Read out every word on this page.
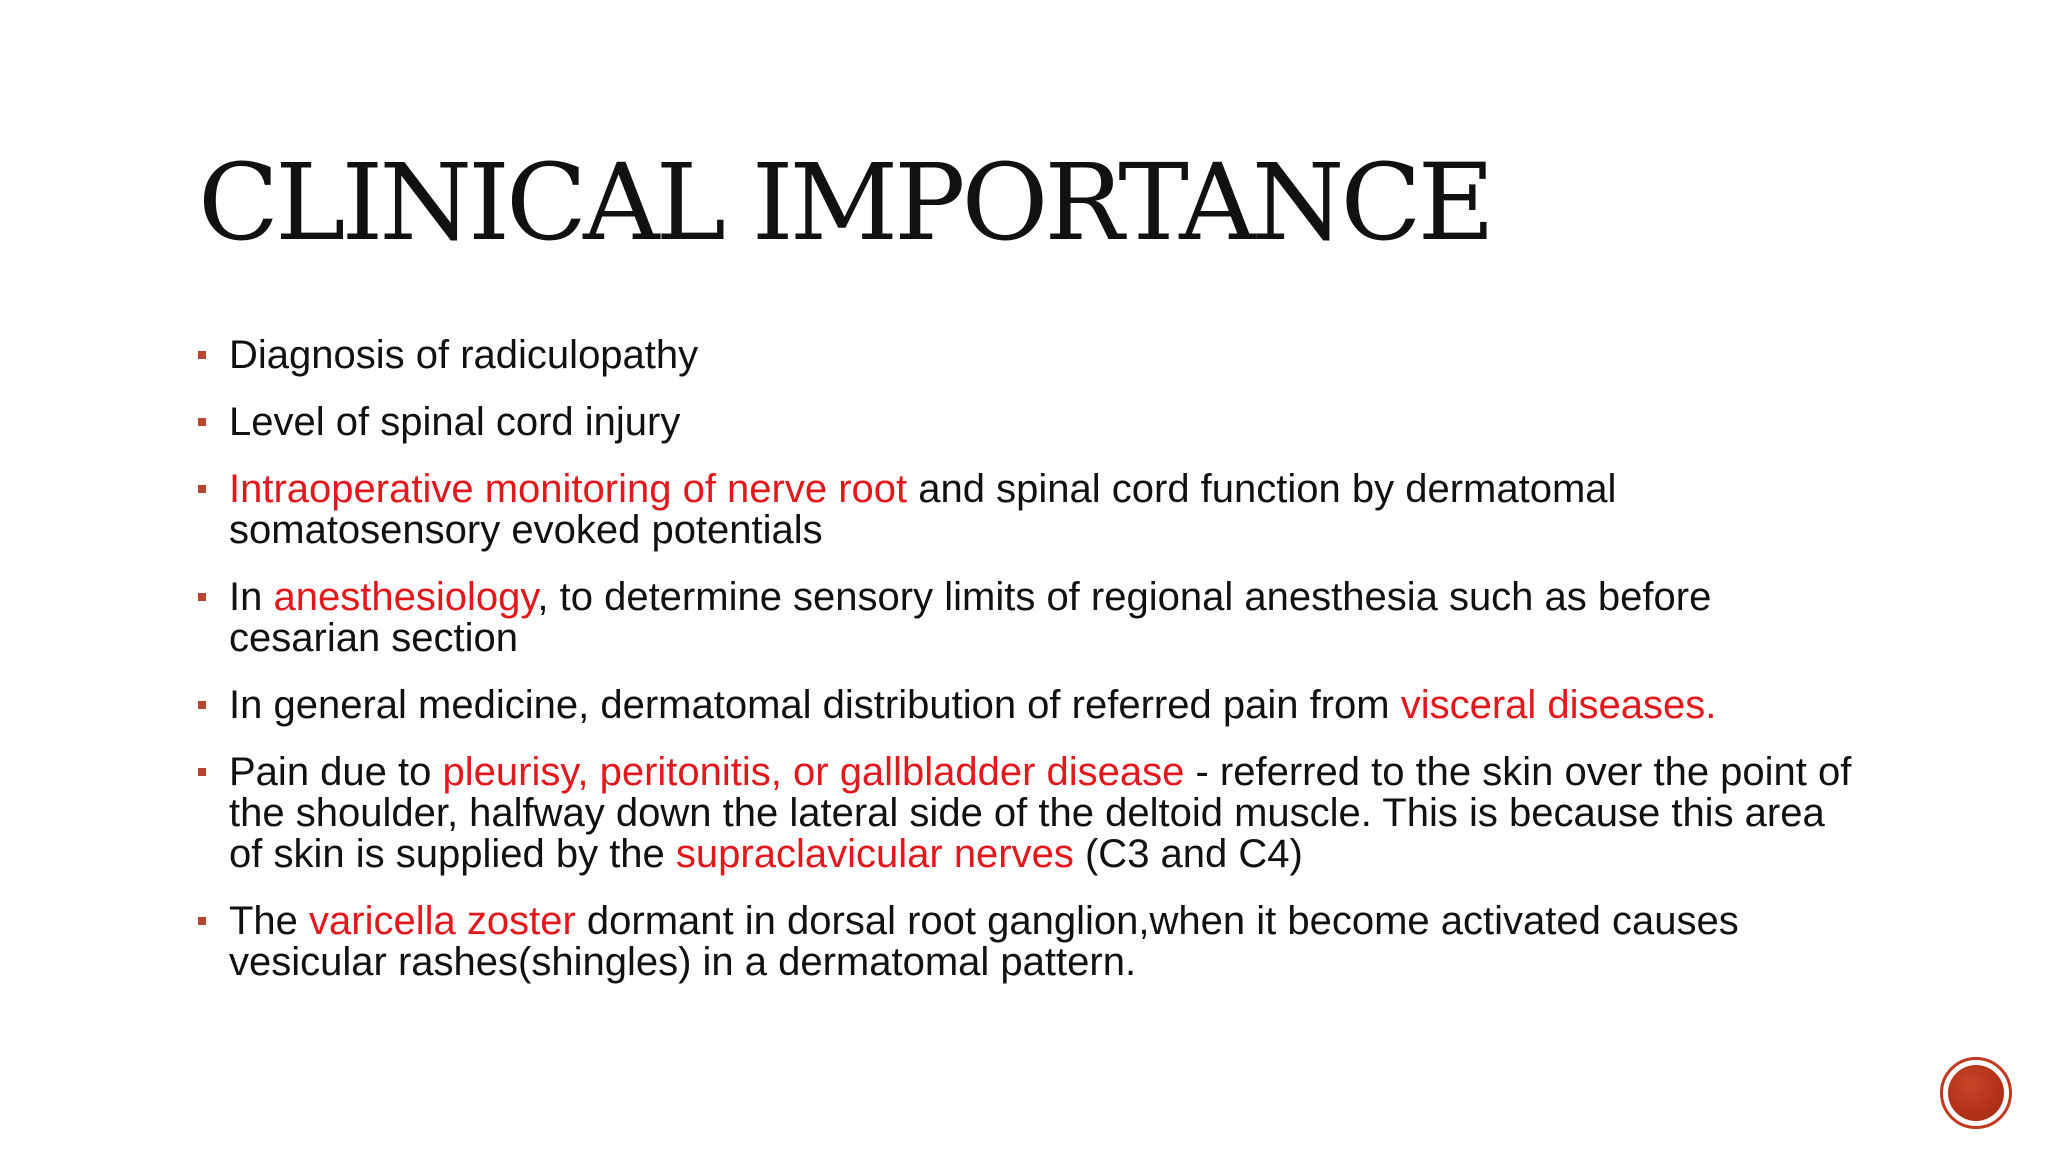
CLINICAL IMPORTANCE
Diagnosis of radiculopathy
Level of spinal cord injury
Intraoperative monitoring of nerve root and spinal cord function by dermatomal somatosensory evoked potentials
In anesthesiology, to determine sensory limits of regional anesthesia such as before cesarian section
In general medicine, dermatomal distribution of referred pain from visceral diseases.
Pain due to pleurisy, peritonitis, or gallbladder disease - referred to the skin over the point of the shoulder, halfway down the lateral side of the deltoid muscle. This is because this area of skin is supplied by the supraclavicular nerves (C3 and C4)
The varicella zoster dormant in dorsal root ganglion,when it become activated causes vesicular rashes(shingles) in a dermatomal pattern.
